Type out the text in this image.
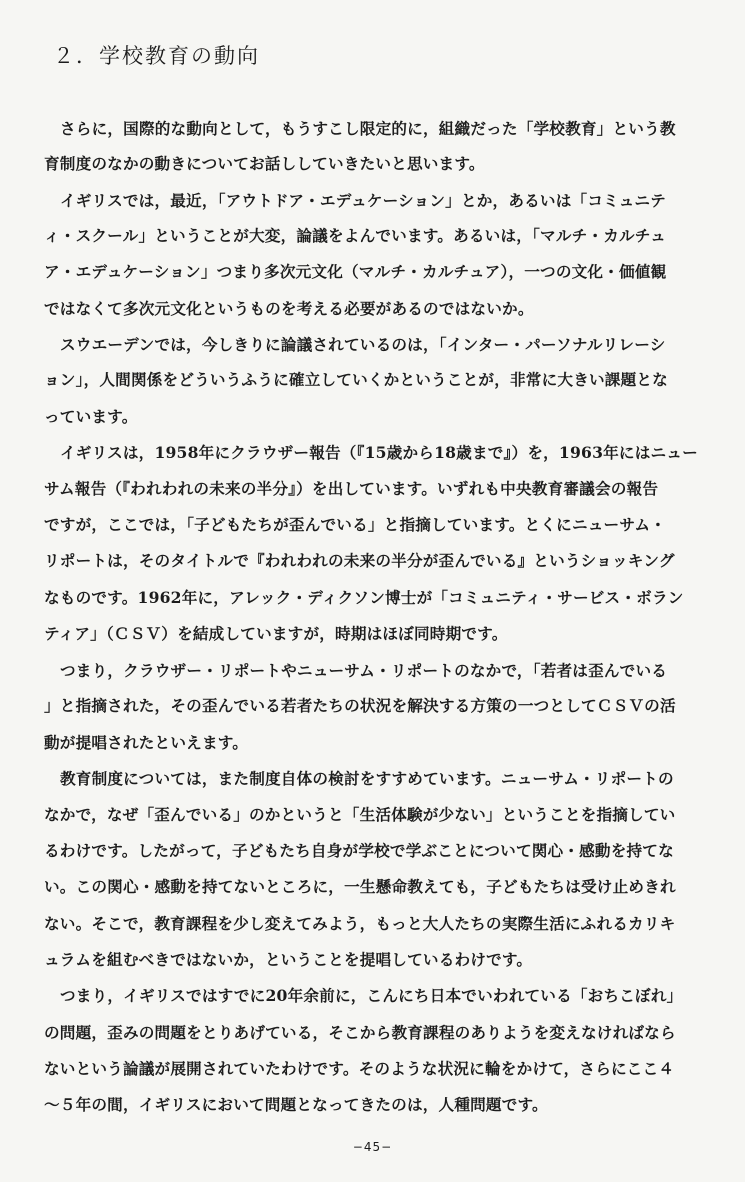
２．学校教育の動向
さらに，国際的な動向として，もうすこし限定的に，組織だった「学校教育」という教
育制度のなかの動きについてお話ししていきたいと思います。
イギリスでは，最近，「アウトドア・エデュケーション」とか，あるいは「コミュニテ
ィ・スクール」ということが大変，論議をよんでいます。あるいは，「マルチ・カルチュ
ア・エデュケーション」つまり多次元文化（マルチ・カルチュア），一つの文化・価値観
ではなくて多次元文化というものを考える必要があるのではないか。
スウエーデンでは，今しきりに論議されているのは，「インター・パーソナルリレーシ
ョン」，人間関係をどういうふうに確立していくかということが，非常に大きい課題とな
っています。
イギリスは，1958年にクラウザー報告（『15歳から18歳まで』）を，1963年にはニュー
サム報告（『われわれの未来の半分』）を出しています。いずれも中央教育審議会の報告
ですが，ここでは，「子どもたちが歪んでいる」と指摘しています。とくにニューサム・
リポートは，そのタイトルで『われわれの未来の半分が歪んでいる』というショッキング
なものです。1962年に，アレック・ディクソン博士が「コミュニティ・サービス・ボラン
ティア」（ＣＳＶ）を結成していますが，時期はほぼ同時期です。
つまり，クラウザー・リポートやニューサム・リポートのなかで，「若者は歪んでいる
」と指摘された，その歪んでいる若者たちの状況を解決する方策の一つとしてＣＳＶの活
動が提唱されたといえます。
教育制度については，また制度自体の検討をすすめています。ニューサム・リポートの
なかで，なぜ「歪んでいる」のかというと「生活体験が少ない」ということを指摘してい
るわけです。したがって，子どもたち自身が学校で学ぶことについて関心・感動を持てな
い。この関心・感動を持てないところに，一生懸命教えても，子どもたちは受け止めきれ
ない。そこで，教育課程を少し変えてみよう，もっと大人たちの実際生活にふれるカリキ
ュラムを組むべきではないか，ということを提唱しているわけです。
つまり，イギリスではすでに20年余前に，こんにち日本でいわれている「おちこぼれ」
の問題，歪みの問題をとりあげている，そこから教育課程のありようを変えなければなら
ないという論議が展開されていたわけです。そのような状況に輪をかけて，さらにここ４
～５年の間，イギリスにおいて問題となってきたのは，人種問題です。
−45−
